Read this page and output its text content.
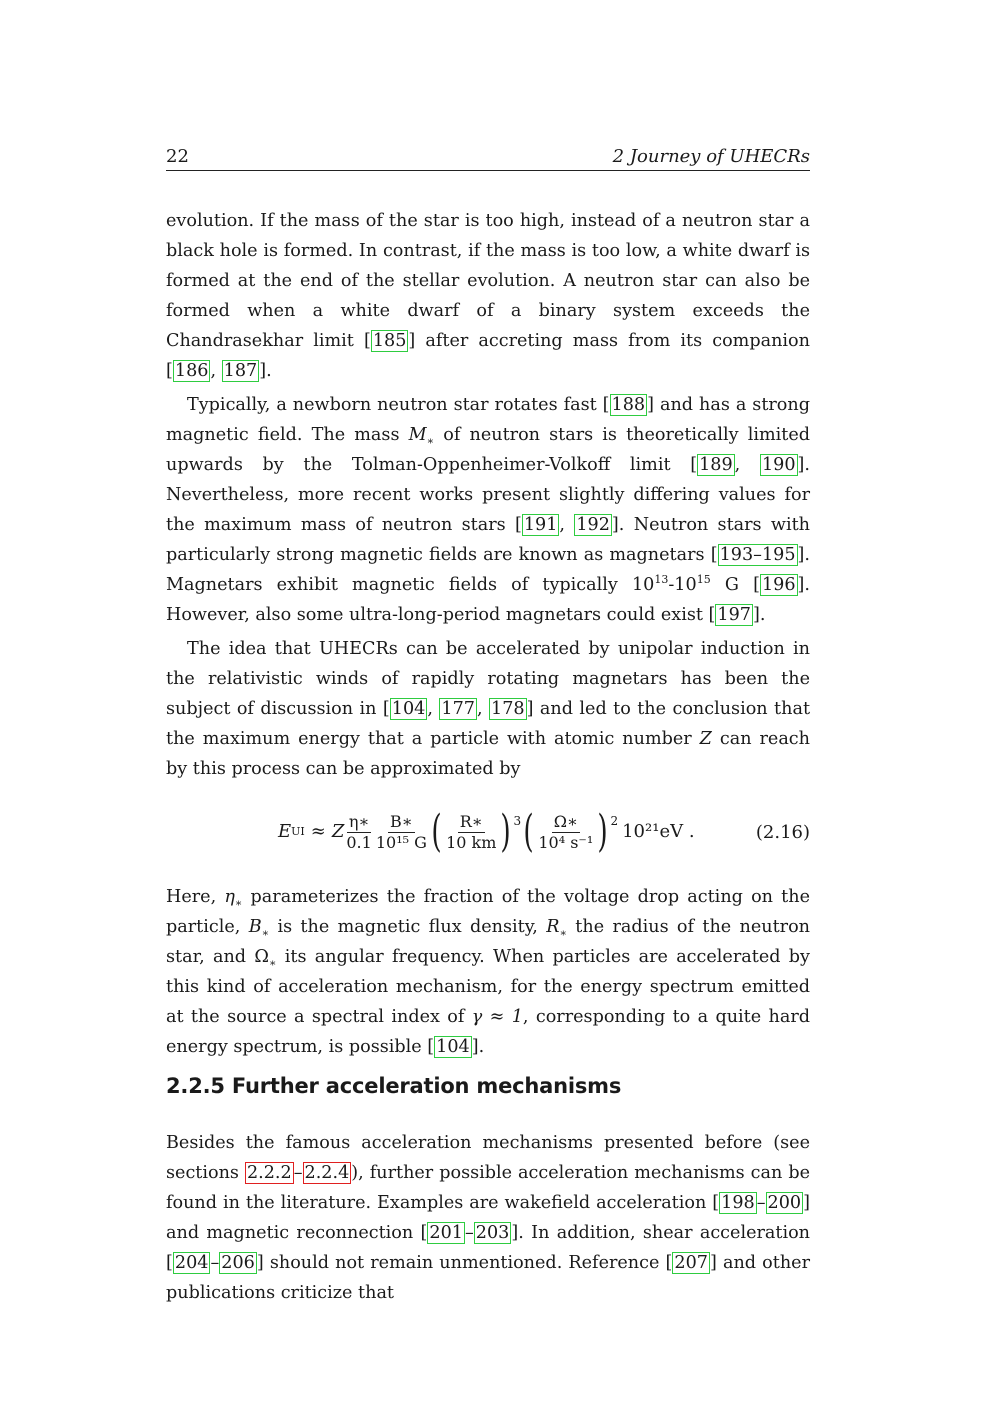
22	2 Journey of UHECRs

evolution. If the mass of the star is too high, instead of a neutron star a black hole is formed. In contrast, if the mass is too low, a white dwarf is formed at the end of the stellar evolution. A neutron star can also be formed when a white dwarf of a binary system exceeds the Chandrasekhar limit [ 185 ] after accreting mass from its companion [ 186 , 187 ].

Typically, a newborn neutron star rotates fast [ 188 ] and has a strong magnetic field. The mass $M_∗$ of neutron stars is theoretically limited upwards by the Tolman-Oppenheimer-Volkoff limit [ 189 , 190 ]. Nevertheless, more recent works present slightly differing values for the maximum mass of neutron stars [ 191 , 192 ]. Neutron stars with particularly strong magnetic fields are known as magnetars [ 193–195 ]. Magnetars exhibit magnetic fields of typically $10^{13}-10^{15}$ G [ 196 ]. However, also some ultra-long-period magnetars could exist [ 197 ].

The idea that UHECRs can be accelerated by unipolar induction in the relativistic winds of rapidly rotating magnetars has been the subject of discussion in [ 104 , 177 , 178 ] and led to the conclusion that the maximum energy that a particle with atomic number Z can reach by this process can be approximated by

E UI ≈ Z $\frac{\eta∗}{0.1} \frac{B∗}{\text{10¹⁵ G}}$ ( $\frac{R∗}{10 km}$ ) 3 ( $\frac{\Omega∗}{\text{10⁴ s⁻¹}}$ ) 2 10²¹eV .	(2.16)

Here, $\eta_∗$ parameterizes the fraction of the voltage drop acting on the particle, $B_∗$ is the magnetic flux density, $R_∗$ the radius of the neutron star, and $\Omega_∗$ its angular frequency. When particles are accelerated by this kind of acceleration mechanism, for the energy spectrum emitted at the source a spectral index of γ ≈ 1, corresponding to a quite hard energy spectrum, is possible [ 104 ].

2.2.5 Further acceleration mechanisms

Besides the famous acceleration mechanisms presented before (see sections 2.2.2 – 2.2.4 ), further possible acceleration mechanisms can be found in the literature. Examples are wakefield acceleration [ 198 – 200 ] and magnetic reconnection [ 201 – 203 ]. In addition, shear acceleration [ 204 – 206 ] should not remain unmentioned. Reference [ 207 ] and other publications criticize that
